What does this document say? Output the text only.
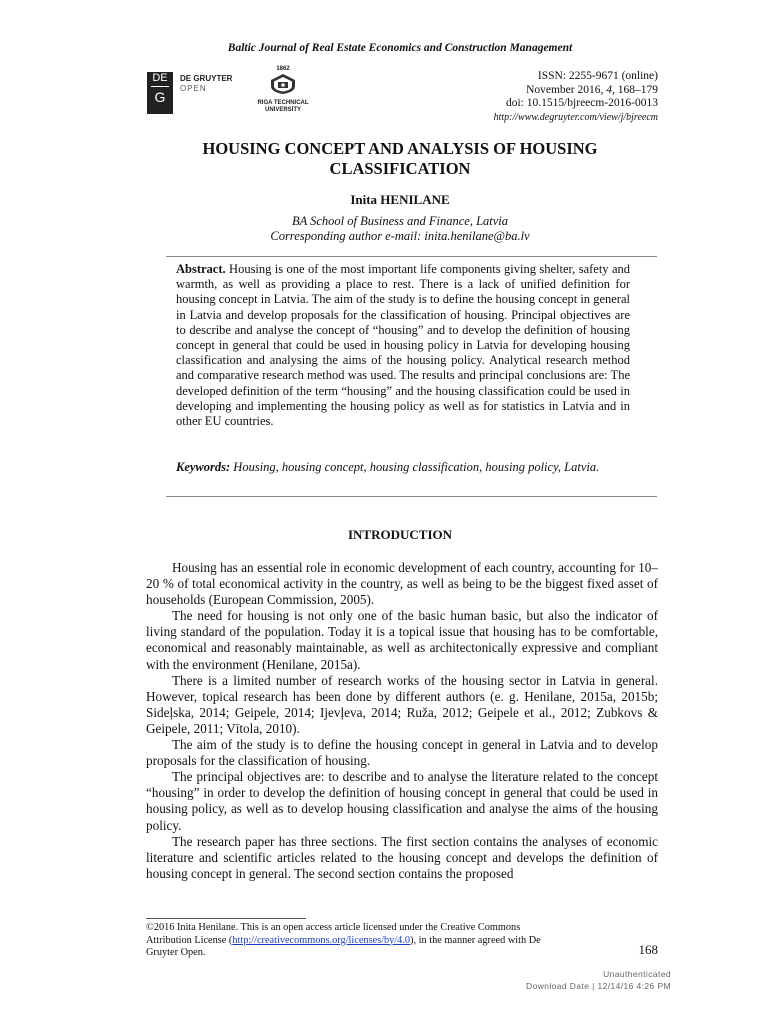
Baltic Journal of Real Estate Economics and Construction Management
DE
G
DE GRUYTER
OPEN
1862
RIGA TECHNICAL
UNIVERSITY
ISSN: 2255-9671 (online)
November 2016, 4, 168–179
doi: 10.1515/bjreecm-2016-0013
http://www.degruyter.com/view/j/bjreecm
HOUSING CONCEPT AND ANALYSIS OF HOUSING CLASSIFICATION
Inita HENILANE
BA School of Business and Finance, Latvia
Corresponding author e-mail: inita.henilane@ba.lv
Abstract. Housing is one of the most important life components giving shelter, safety and warmth, as well as providing a place to rest. There is a lack of unified definition for housing concept in Latvia. The aim of the study is to define the housing concept in general in Latvia and develop proposals for the classification of housing. Principal objectives are to describe and analyse the concept of “housing” and to develop the definition of housing concept in general that could be used in housing policy in Latvia for developing housing classification and analysing the aims of the housing policy. Analytical research method and comparative research method was used. The results and principal conclusions are: The developed definition of the term “housing” and the housing classification could be used in developing and implementing the housing policy as well as for statistics in Latvia and in other EU countries.
Keywords: Housing, housing concept, housing classification, housing policy, Latvia.
INTRODUCTION

Housing has an essential role in economic development of each country, accounting for 10–20 % of total economical activity in the country, as well as being to be the biggest fixed asset of households (European Commission, 2005).

The need for housing is not only one of the basic human basic, but also the indicator of living standard of the population. Today it is a topical issue that housing has to be comfortable, economical and reasonably maintainable, as well as architectonically expressive and compliant with the environment (Henilane, 2015a).

There is a limited number of research works of the housing sector in Latvia in general. However, topical research has been done by different authors (e. g. Henilane, 2015a, 2015b; Sideļska, 2014; Geipele, 2014; Ijevļeva, 2014; Ruža, 2012; Geipele et al., 2012; Zubkovs & Geipele, 2011; Vītola, 2010).

The aim of the study is to define the housing concept in general in Latvia and to develop proposals for the classification of housing.

The principal objectives are: to describe and to analyse the literature related to the concept “housing” in order to develop the definition of housing concept in general that could be used in housing policy, as well as to develop housing classification and analyse the aims of the housing policy.

The research paper has three sections. The first section contains the analyses of economic literature and scientific articles related to the housing concept and develops the definition of housing concept in general. The second section contains the proposed

©2016 Inita Henilane. This is an open access article licensed under the Creative Commons Attribution License (http://creativecommons.org/licenses/by/4.0), in the manner agreed with De Gruyter Open.	168
Unauthenticated
Download Date | 12/14/16 4:26 PM
